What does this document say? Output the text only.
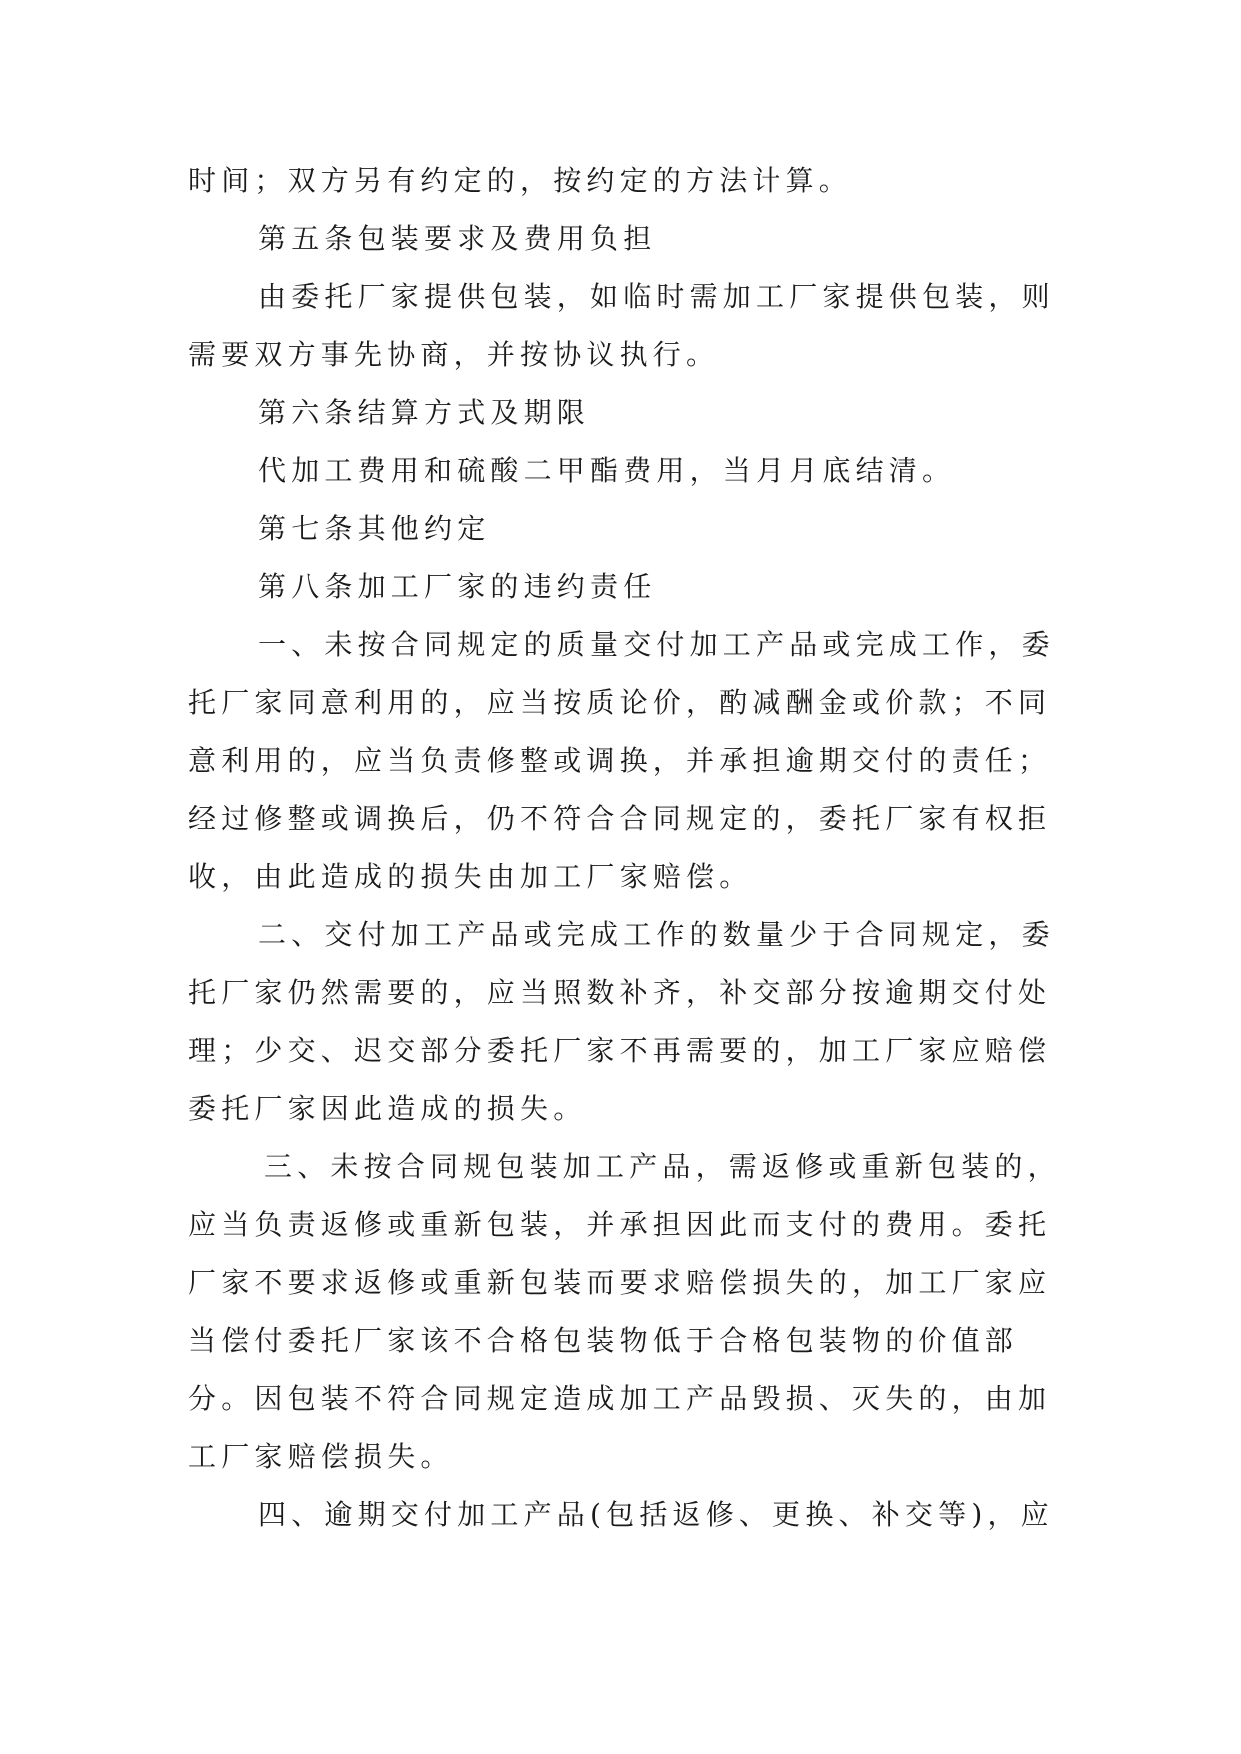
时间；双方另有约定的，按约定的方法计算。
第五条包装要求及费用负担
由委托厂家提供包装，如临时需加工厂家提供包装，则
需要双方事先协商，并按协议执行。
第六条结算方式及期限
代加工费用和硫酸二甲酯费用，当月月底结清。
第七条其他约定
第八条加工厂家的违约责任
一、未按合同规定的质量交付加工产品或完成工作，委
托厂家同意利用的，应当按质论价，酌减酬金或价款；不同
意利用的，应当负责修整或调换，并承担逾期交付的责任；
经过修整或调换后，仍不符合合同规定的，委托厂家有权拒
收，由此造成的损失由加工厂家赔偿。
二、交付加工产品或完成工作的数量少于合同规定，委
托厂家仍然需要的，应当照数补齐，补交部分按逾期交付处
理；少交、迟交部分委托厂家不再需要的，加工厂家应赔偿
委托厂家因此造成的损失。
三、未按合同规包装加工产品，需返修或重新包装的，
应当负责返修或重新包装，并承担因此而支付的费用。委托
厂家不要求返修或重新包装而要求赔偿损失的，加工厂家应
当偿付委托厂家该不合格包装物低于合格包装物的价值部
分。因包装不符合同规定造成加工产品毁损、灭失的，由加
工厂家赔偿损失。
四、逾期交付加工产品(包括返修、更换、补交等)，应
